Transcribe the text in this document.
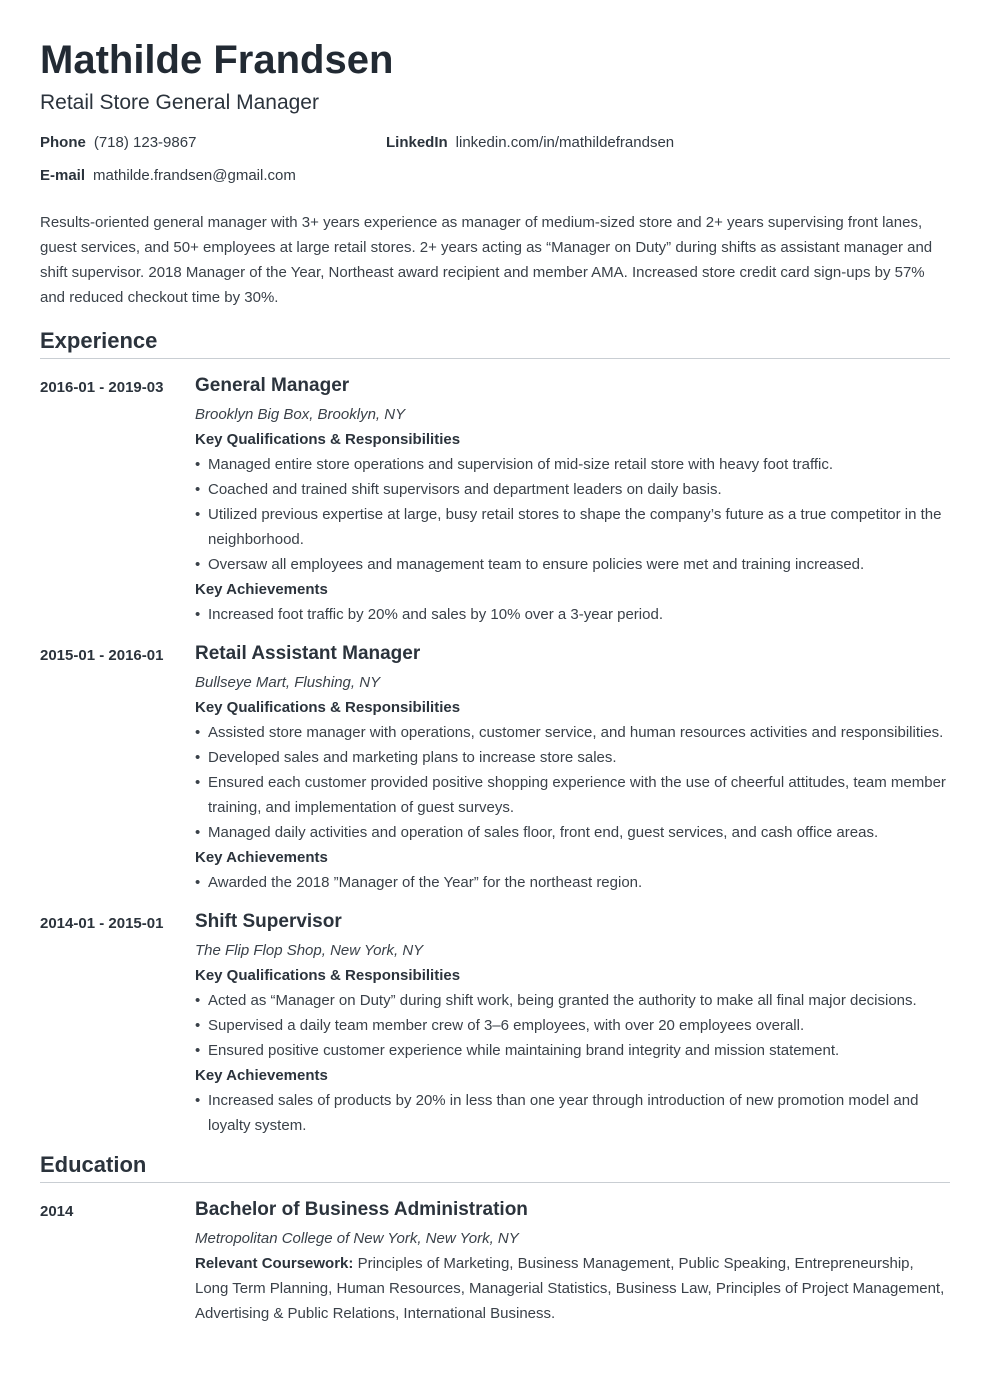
Mathilde Frandsen
Retail Store General Manager
Phone (718) 123-9867	LinkedIn linkedin.com/in/mathildefrandsen
E-mail mathilde.frandsen@gmail.com
Results-oriented general manager with 3+ years experience as manager of medium-sized store and 2+ years supervising front lanes, guest services, and 50+ employees at large retail stores. 2+ years acting as “Manager on Duty” during shifts as assistant manager and shift supervisor. 2018 Manager of the Year, Northeast award recipient and member AMA. Increased store credit card sign-ups by 57% and reduced checkout time by 30%.
Experience
2016-01 - 2019-03	General Manager
Brooklyn Big Box, Brooklyn, NY
Key Qualifications & Responsibilities
• Managed entire store operations and supervision of mid-size retail store with heavy foot traffic.
• Coached and trained shift supervisors and department leaders on daily basis.
• Utilized previous expertise at large, busy retail stores to shape the company’s future as a true competitor in the neighborhood.
• Oversaw all employees and management team to ensure policies were met and training increased.
Key Achievements
• Increased foot traffic by 20% and sales by 10% over a 3-year period.
2015-01 - 2016-01	Retail Assistant Manager
Bullseye Mart, Flushing, NY
Key Qualifications & Responsibilities
• Assisted store manager with operations, customer service, and human resources activities and responsibilities.
• Developed sales and marketing plans to increase store sales.
• Ensured each customer provided positive shopping experience with the use of cheerful attitudes, team member training, and implementation of guest surveys.
• Managed daily activities and operation of sales floor, front end, guest services, and cash office areas.
Key Achievements
• Awarded the 2018 ”Manager of the Year” for the northeast region.
2014-01 - 2015-01	Shift Supervisor
The Flip Flop Shop, New York, NY
Key Qualifications & Responsibilities
• Acted as “Manager on Duty” during shift work, being granted the authority to make all final major decisions.
• Supervised a daily team member crew of 3–6 employees, with over 20 employees overall.
• Ensured positive customer experience while maintaining brand integrity and mission statement.
Key Achievements
• Increased sales of products by 20% in less than one year through introduction of new promotion model and loyalty system.
Education
2014	Bachelor of Business Administration
Metropolitan College of New York, New York, NY
Relevant Coursework: Principles of Marketing, Business Management, Public Speaking, Entrepreneurship, Long Term Planning, Human Resources, Managerial Statistics, Business Law, Principles of Project Management, Advertising & Public Relations, International Business.
